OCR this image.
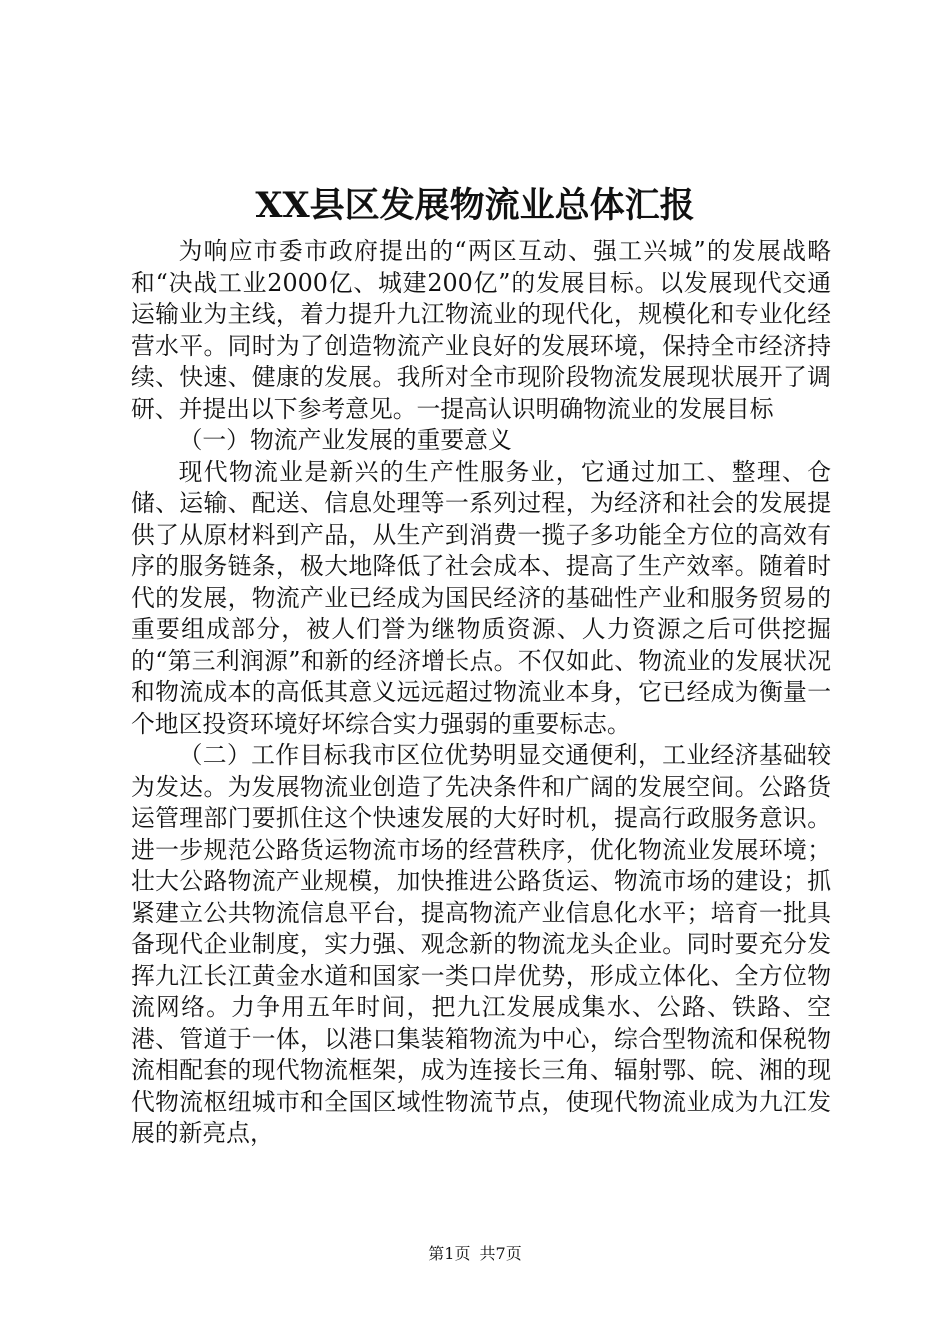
XX县区发展物流业总体汇报

为响应市委市政府提出的“两区互动、强工兴城”的发展战略和“决战工业2000亿、城建200亿”的发展目标。以发展现代交通运输业为主线，着力提升九江物流业的现代化，规模化和专业化经营水平。同时为了创造物流产业良好的发展环境，保持全市经济持续、快速、健康的发展。我所对全市现阶段物流发展现状展开了调研、并提出以下参考意见。一提高认识明确物流业的发展目标

（一）物流产业发展的重要意义

现代物流业是新兴的生产性服务业，它通过加工、整理、仓储、运输、配送、信息处理等一系列过程，为经济和社会的发展提供了从原材料到产品，从生产到消费一揽子多功能全方位的高效有序的服务链条，极大地降低了社会成本、提高了生产效率。随着时代的发展，物流产业已经成为国民经济的基础性产业和服务贸易的重要组成部分，被人们誉为继物质资源、人力资源之后可供挖掘的“第三利润源”和新的经济增长点。不仅如此、物流业的发展状况和物流成本的高低其意义远远超过物流业本身，它已经成为衡量一个地区投资环境好坏综合实力强弱的重要标志。

（二）工作目标我市区位优势明显交通便利，工业经济基础较为发达。为发展物流业创造了先决条件和广阔的发展空间。公路货运管理部门要抓住这个快速发展的大好时机，提高行政服务意识。进一步规范公路货运物流市场的经营秩序，优化物流业发展环境；壮大公路物流产业规模，加快推进公路货运、物流市场的建设；抓紧建立公共物流信息平台，提高物流产业信息化水平；培育一批具备现代企业制度，实力强、观念新的物流龙头企业。同时要充分发挥九江长江黄金水道和国家一类口岸优势，形成立体化、全方位物流网络。力争用五年时间，把九江发展成集水、公路、铁路、空港、管道于一体，以港口集装箱物流为中心，综合型物流和保税物流相配套的现代物流框架，成为连接长三角、辐射鄂、皖、湘的现代物流枢纽城市和全国区域性物流节点，使现代物流业成为九江发展的新亮点，

第1页 共7页
